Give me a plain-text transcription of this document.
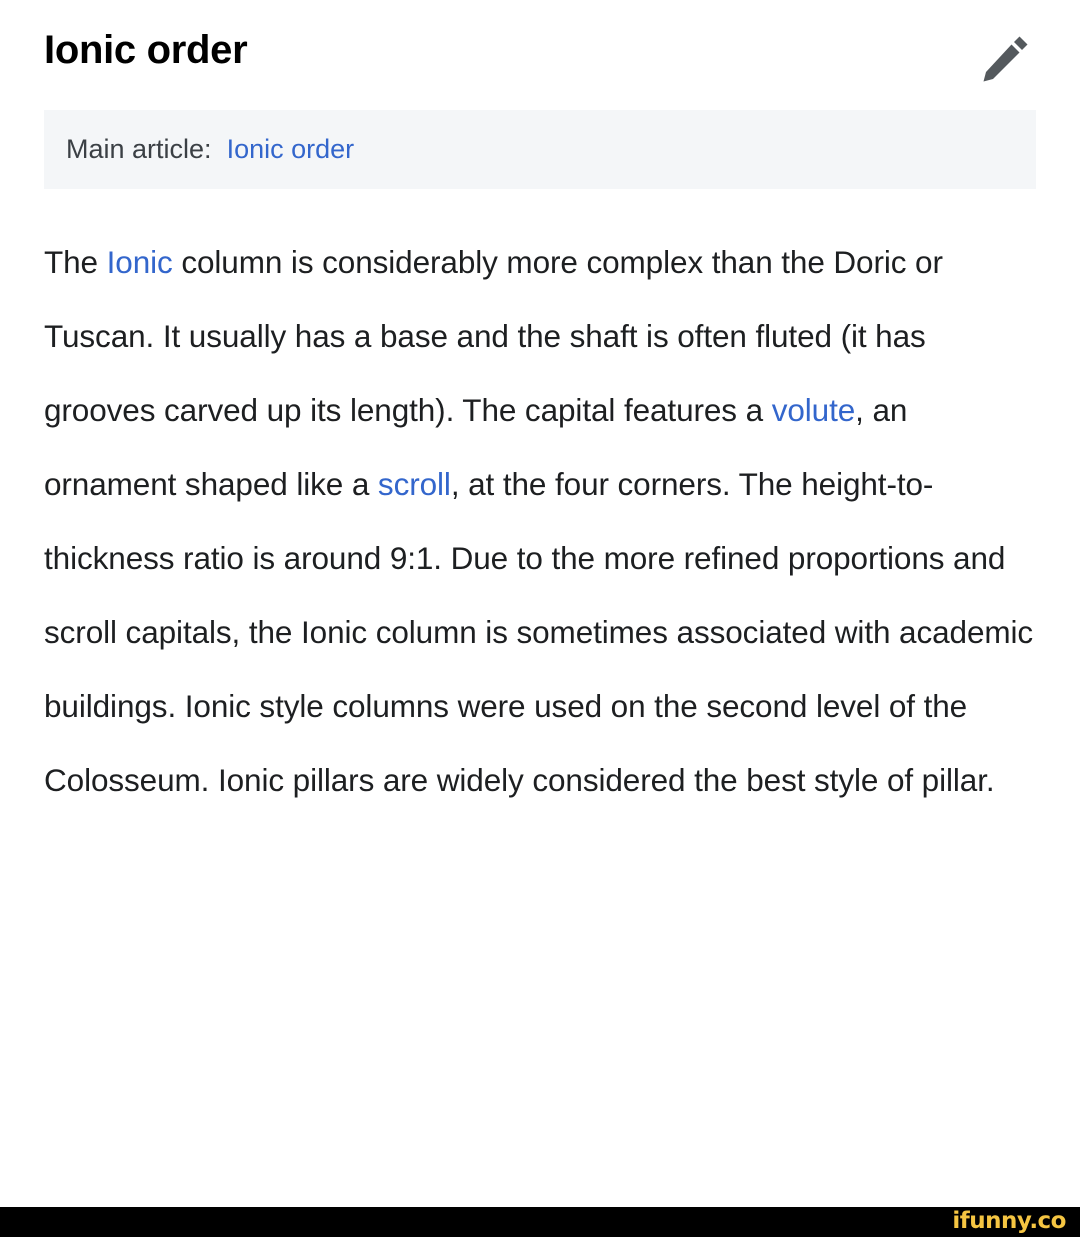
Ionic order
Main article: Ionic order

The Ionic column is considerably more complex than the Doric or Tuscan. It usually has a base and the shaft is often fluted (it has grooves carved up its length). The capital features a volute, an ornament shaped like a scroll, at the four corners. The height-to-thickness ratio is around 9:1. Due to the more refined proportions and scroll capitals, the Ionic column is sometimes associated with academic buildings. Ionic style columns were used on the second level of the Colosseum. Ionic pillars are widely considered the best style of pillar.

ifunny.co
